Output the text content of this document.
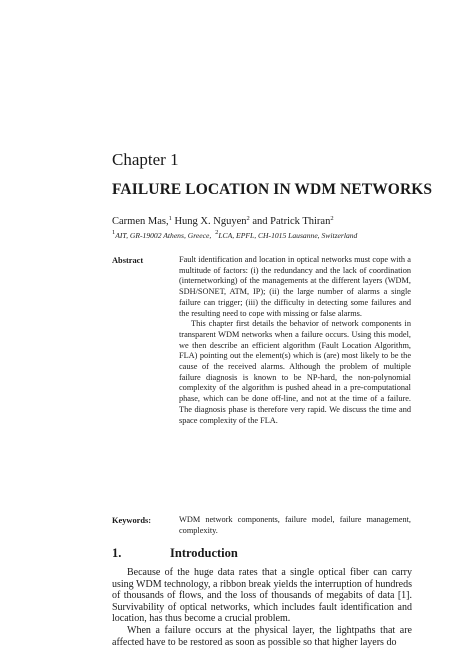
Chapter 1
FAILURE LOCATION IN WDM NETWORKS
Carmen Mas,$^1$ Hung X. Nguyen$^2$ and Patrick Thiran$^2$
$^1$AIT, GR-19002 Athens, Greece, $^2$LCA, EPFL, CH-1015 Lausanne, Switzerland
Abstract	Fault identification and location in optical networks must cope with a multitude of factors: (i) the redundancy and the lack of coordination (internetworking) of the managements at the different layers (WDM, SDH/SONET, ATM, IP); (ii) the large number of alarms a single failure can trigger; (iii) the difficulty in detecting some failures and the resulting need to cope with missing or false alarms.

This chapter first details the behavior of network components in transparent WDM networks when a failure occurs. Using this model, we then describe an efficient algorithm (Fault Location Algorithm, FLA) pointing out the element(s) which is (are) most likely to be the cause of the received alarms. Although the problem of multiple failure diagnosis is known to be NP-hard, the non-polynomial complexity of the algorithm is pushed ahead in a pre-computational phase, which can be done off-line, and not at the time of a failure. The diagnosis phase is therefore very rapid. We discuss the time and space complexity of the FLA.

Keywords:	WDM network components, failure model, failure management, complexity.
1.	Introduction

Because of the huge data rates that a single optical fiber can carry using WDM technology, a ribbon break yields the interruption of hundreds of thousands of flows, and the loss of thousands of megabits of data [1]. Survivability of optical networks, which includes fault identification and location, has thus become a crucial problem.

When a failure occurs at the physical layer, the lightpaths that are affected have to be restored as soon as possible so that higher layers do
